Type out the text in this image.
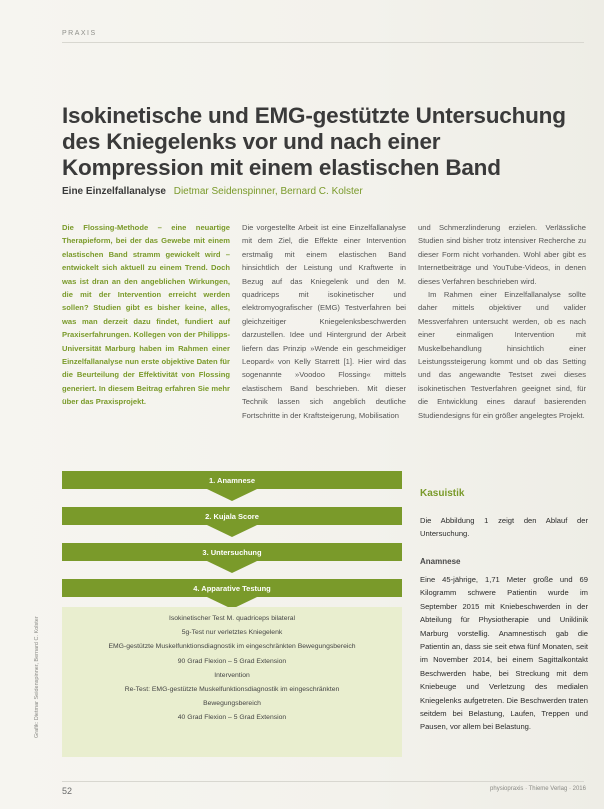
PRAXIS
Isokinetische und EMG-gestützte Untersuchung des Kniegelenks vor und nach einer Kompression mit einem elastischen Band
Eine Einzelfallanalyse Dietmar Seidenspinner, Bernard C. Kolster

Die Flossing-Methode – eine neuartige Therapieform, bei der das Gewebe mit einem elastischen Band stramm gewickelt wird – entwickelt sich aktuell zu einem Trend. Doch was ist dran an den angeblichen Wirkungen, die mit der Intervention erreicht werden sollen? Studien gibt es bisher keine, alles, was man derzeit dazu findet, fundiert auf Praxiserfahrungen. Kollegen von der Philipps-Universität Marburg haben im Rahmen einer Einzelfallanalyse nun erste objektive Daten für die Beurteilung der Effektivität von Flossing generiert. In diesem Beitrag erfahren Sie mehr über das Praxisprojekt.

Die vorgestellte Arbeit ist eine Einzelfallanalyse mit dem Ziel, die Effekte einer Intervention erstmalig mit einem elastischen Band hinsichtlich der Leistung und Kraftwerte in Bezug auf das Kniegelenk und den M. quadriceps mit isokinetischer und elektromyografischer (EMG) Testverfahren bei gleichzeitiger Kniegelenksbeschwerden darzustellen. Idee und Hintergrund der Arbeit liefern das Prinzip »Wende ein geschmeidiger Leopard« von Kelly Starrett [1]. Hier wird das sogenannte »Voodoo Flossing« mittels elastischem Band beschrieben. Mit dieser Technik lassen sich angeblich deutliche Fortschritte in der Kraftsteigerung, Mobilisation

und Schmerzlinderung erzielen. Verlässliche Studien sind bisher trotz intensiver Recherche zu dieser Form nicht vorhanden. Wohl aber gibt es Internetbeiträge und YouTube-Videos, in denen dieses Verfahren beschrieben wird.

Im Rahmen einer Einzelfallanalyse sollte daher mittels objektiver und valider Messverfahren untersucht werden, ob es nach einer einmaligen Intervention mit Muskelbehandlung hinsichtlich einer Leistungssteigerung kommt und ob das Setting und das angewandte Testset zwei dieses isokinetischen Testverfahren geeignet sind, für die Entwicklung eines darauf basierenden Studiendesigns für ein größer angelegtes Projekt.

1. Anamnese
2. Kujala Score
3. Untersuchung
4. Apparative Testung
Isokinetischer Test M. quadriceps bilateral
5g-Test nur verletztes Kniegelenk
EMG-gestützte Muskelfunktionsdiagnostik im eingeschränkten Bewegungsbereich
90 Grad Flexion – 5 Grad Extension
Intervention
Re-Test: EMG-gestützte Muskelfunktionsdiagnostik im eingeschränkten
Bewegungsbereich
40 Grad Flexion – 5 Grad Extension
Kasuistik
Die Abbildung 1 zeigt den Ablauf der Untersuchung.
Anamnese
Eine 45-jährige, 1,71 Meter große und 69 Kilogramm schwere Patientin wurde im September 2015 mit Kniebeschwerden in der Abteilung für Physiotherapie und Uniklinik Marburg vorstellig. Anamnestisch gab die Patientin an, dass sie seit etwa fünf Monaten, seit im November 2014, bei einem Sagittalkontakt Beschwerden habe, bei Streckung mit dem Kniebeuge und Verletzung des medialen Kniegelenks aufgetreten. Die Beschwerden traten seitdem bei Belastung, Laufen, Treppen und Pausen, vor allem bei Belastung.
Grafik: Dietmar Seidenspinner, Bernard C. Kolster
52	physiopraxis · Thieme Verlag · 2016
